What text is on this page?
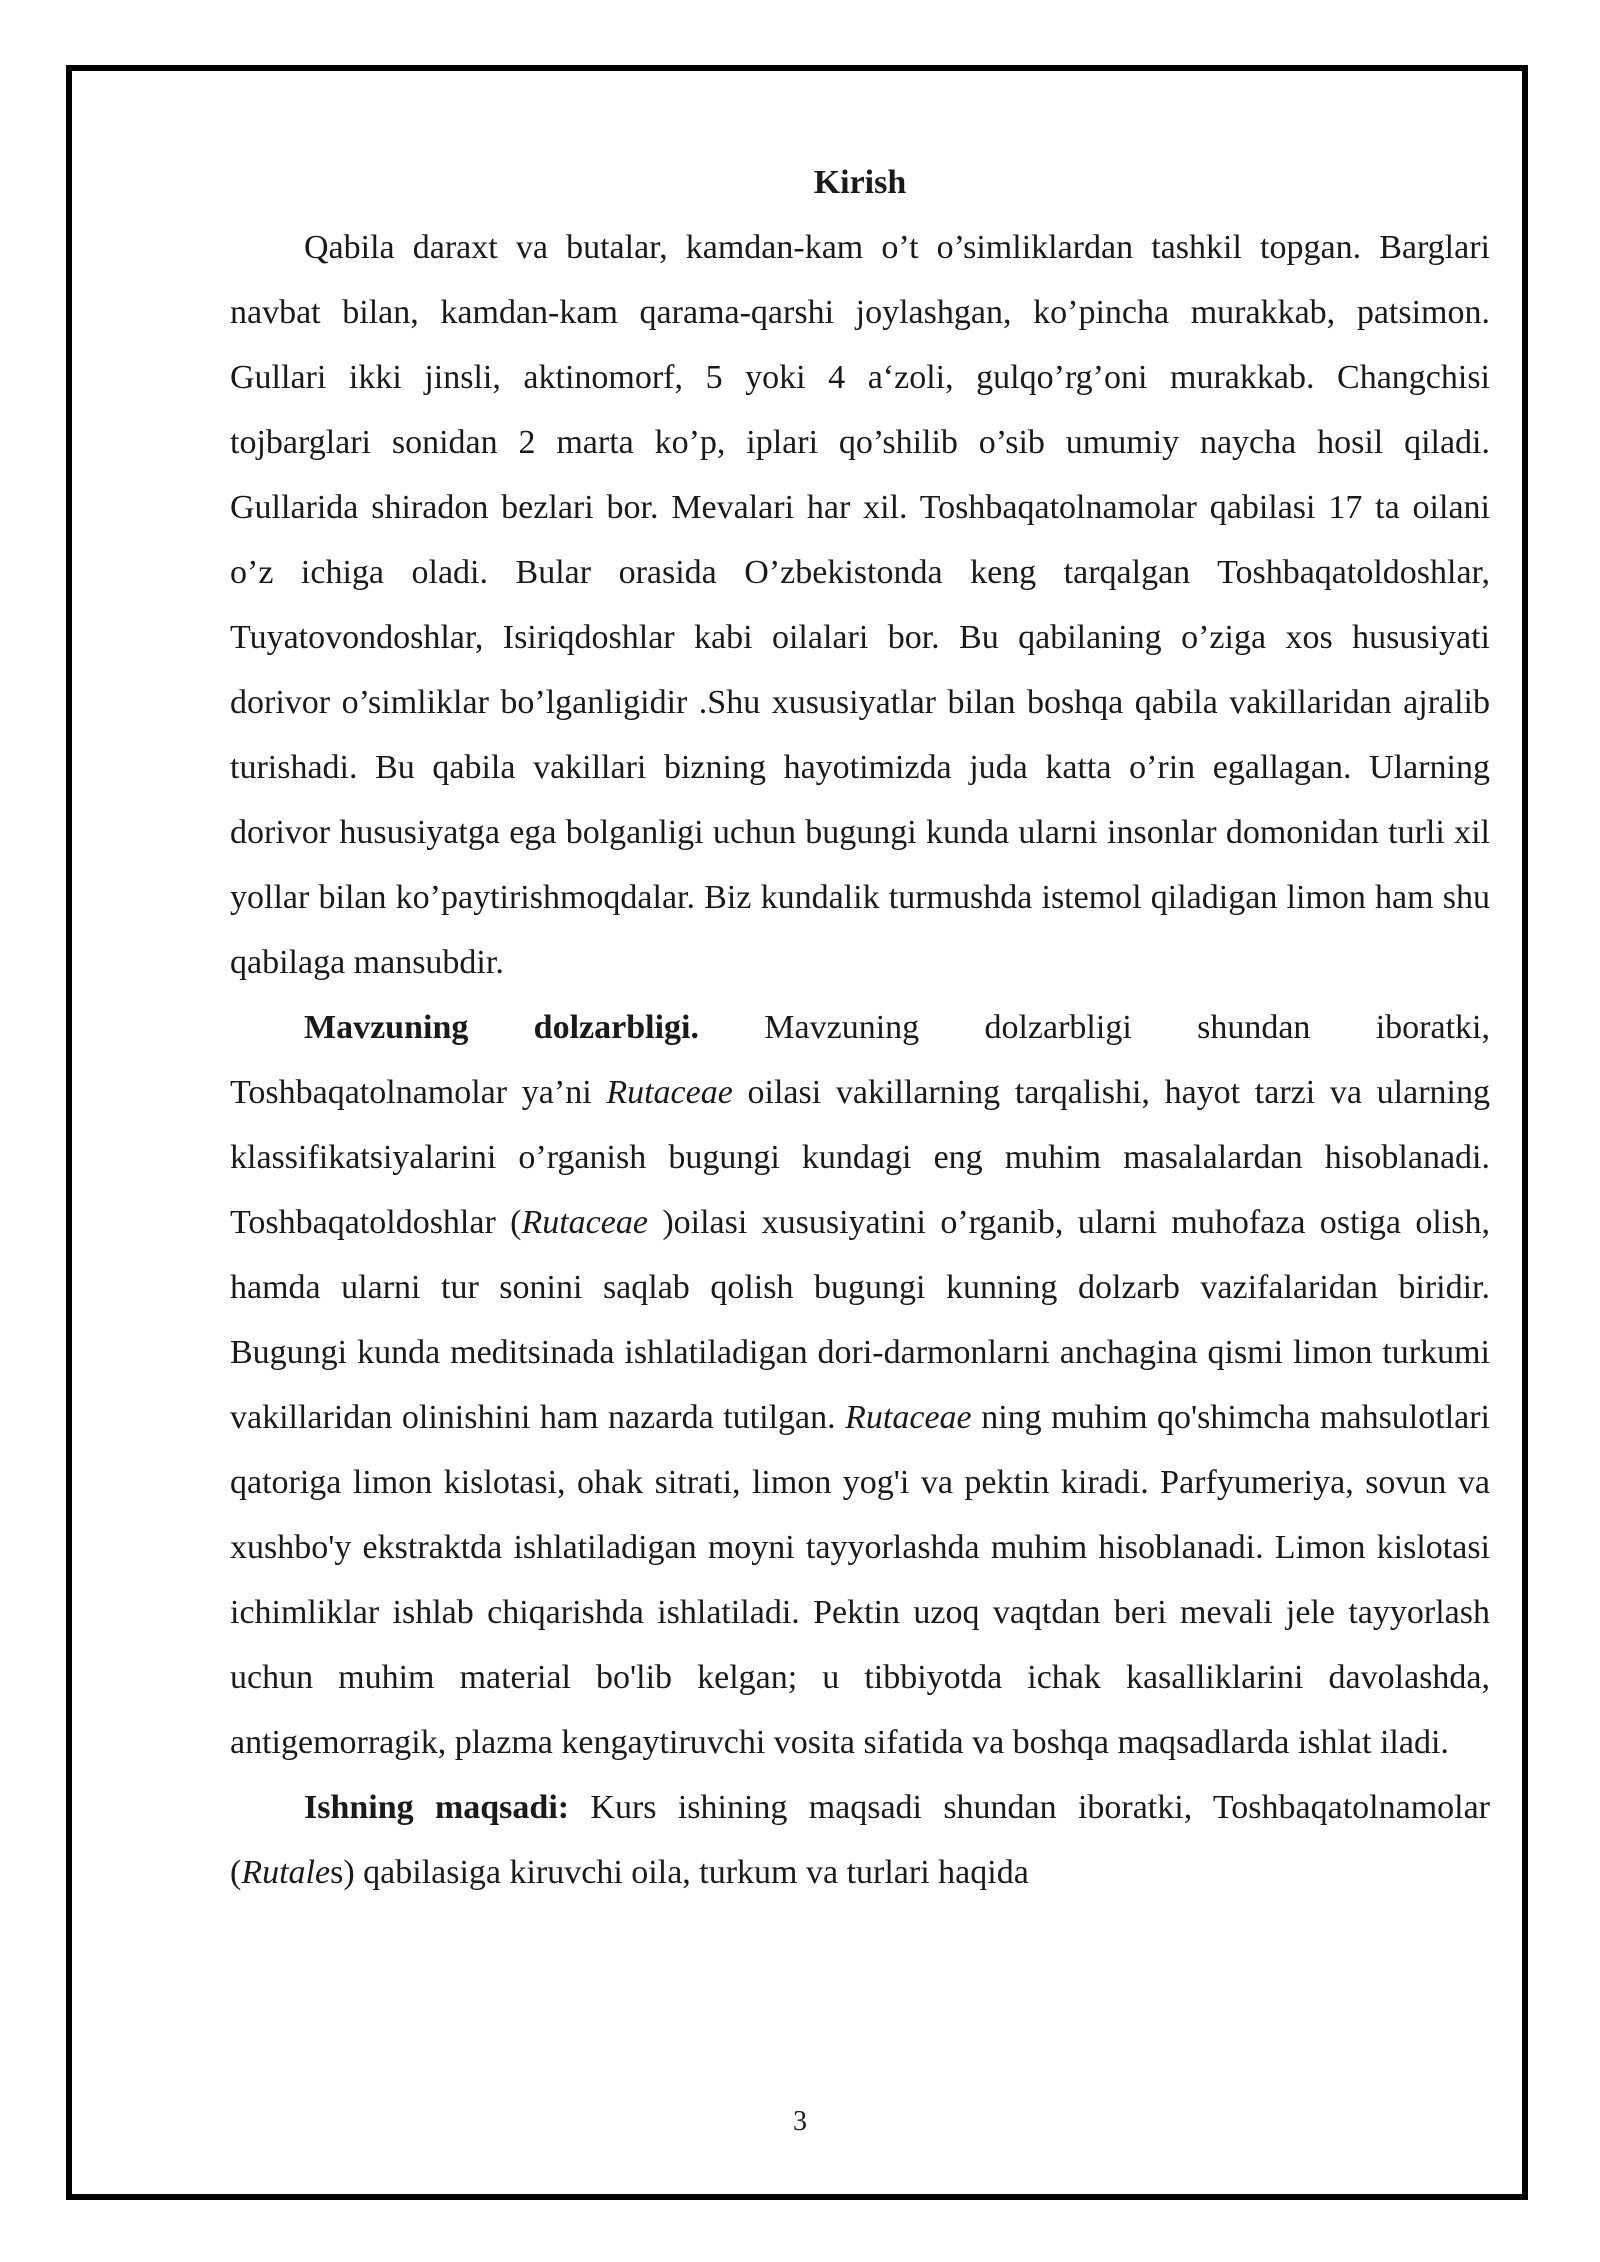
Kirish

Qabila daraxt va butalar, kamdan-kam o’t o’simliklardan tashkil topgan. Barglari navbat bilan, kamdan-kam qarama-qarshi joylashgan, ko’pincha murakkab, patsimon. Gullari ikki jinsli, aktinomorf, 5 yoki 4 a‘zoli, gulqo’rg’oni murakkab. Changchisi tojbarglari sonidan 2 marta ko’p, iplari qo’shilib o’sib umumiy naycha hosil qiladi. Gullarida shiradon bezlari bor. Mevalari har xil. Toshbaqatolnamolar qabilasi 17 ta oilani o’z ichiga oladi. Bular orasida O’zbekistonda keng tarqalgan Toshbaqatoldoshlar, Tuyatovondoshlar, Isiriqdoshlar kabi oilalari bor. Bu qabilaning o’ziga xos hususiyati dorivor o’simliklar bo’lganligidir .Shu xususiyatlar bilan boshqa qabila vakillaridan ajralib turishadi. Bu qabila vakillari bizning hayotimizda juda katta o’rin egallagan. Ularning dorivor hususiyatga ega bolganligi uchun bugungi kunda ularni insonlar domonidan turli xil yollar bilan ko’paytirishmoqdalar. Biz kundalik turmushda istemol qiladigan limon ham shu qabilaga mansubdir.

Mavzuning dolzarbligi. Mavzuning dolzarbligi shundan iboratki, Toshbaqatolnamolar ya’ni Rutaceae oilasi vakillarning tarqalishi, hayot tarzi va ularning klassifikatsiyalarini o’rganish bugungi kundagi eng muhim masalalardan hisoblanadi. Toshbaqatoldoshlar (Rutaceae )oilasi xususiyatini o’rganib, ularni muhofaza ostiga olish, hamda ularni tur sonini saqlab qolish bugungi kunning dolzarb vazifalaridan biridir. Bugungi kunda meditsinada ishlatiladigan dori-darmonlarni anchagina qismi limon turkumi vakillaridan olinishini ham nazarda tutilgan. Rutaceae ning muhim qo'shimcha mahsulotlari qatoriga limon kislotasi, ohak sitrati, limon yog'i va pektin kiradi. Parfyumeriya, sovun va xushbo'y ekstraktda ishlatiladigan moyni tayyorlashda muhim hisoblanadi. Limon kislotasi ichimliklar ishlab chiqarishda ishlatiladi. Pektin uzoq vaqtdan beri mevali jele tayyorlash uchun muhim material bo'lib kelgan; u tibbiyotda ichak kasalliklarini davolashda, antigemorragik, plazma kengaytiruvchi vosita sifatida va boshqa maqsadlarda ishlat iladi.

Ishning maqsadi: Kurs ishining maqsadi shundan iboratki, Toshbaqatolnamolar (Rutales) qabilasiga kiruvchi oila, turkum va turlari haqida

3
